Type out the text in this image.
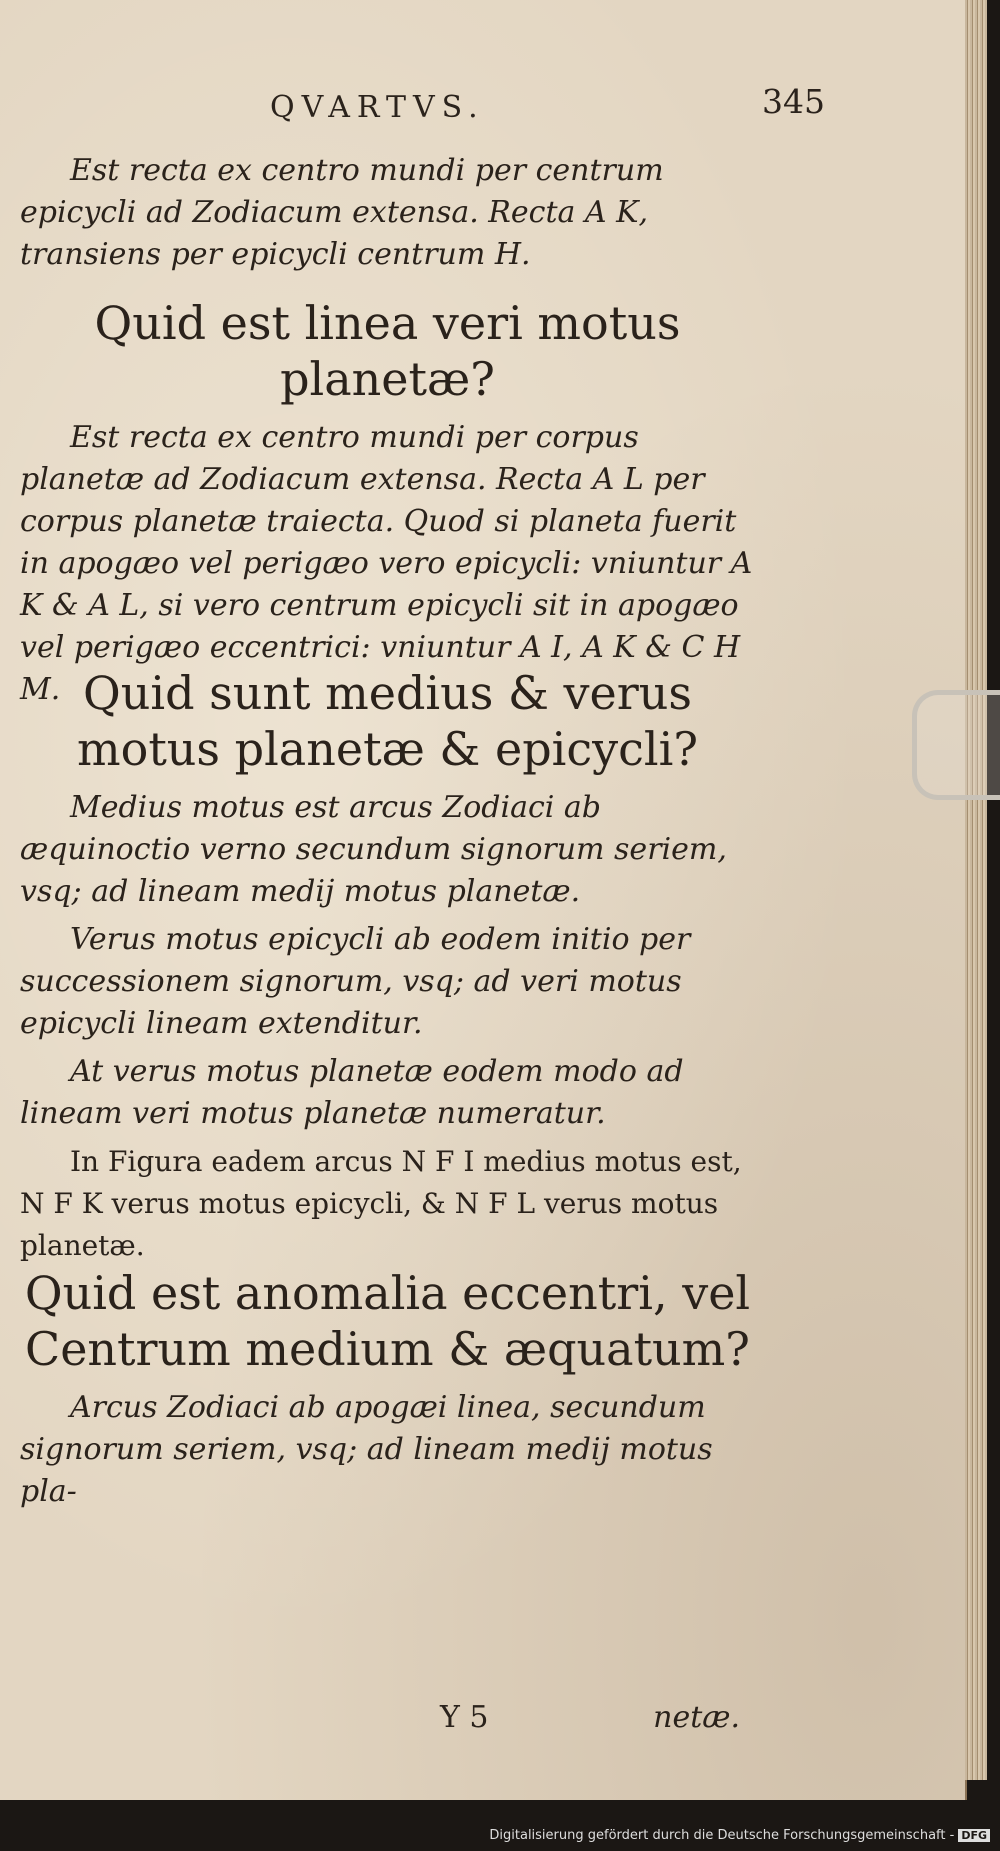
QVARTVS.	345

Est recta ex centro mundi per centrum epicycli ad Zodiacum extensa. Recta A K, transiens per epicycli centrum H.

Quid est linea veri motus planetæ?

Est recta ex centro mundi per corpus planetæ ad Zodiacum extensa. Recta A L per corpus planetæ traiecta. Quod si planeta fuerit in apogæo vel perigæo vero epicycli: vniuntur A K & A L, si vero centrum epicycli sit in apogæo vel perigæo eccentrici: vniuntur A I, A K & C H M. Quid sunt medius & verus motus planetæ & epicycli?

Medius motus est arcus Zodiaci ab æquinoctio verno secundum signorum seriem, vsq; ad lineam medij motus planetæ.

Verus motus epicycli ab eodem initio per successionem signorum, vsq; ad veri motus epicycli lineam extenditur.

At verus motus planetæ eodem modo ad lineam veri motus planetæ numeratur.

In Figura eadem arcus N F I medius motus est, N F K verus motus epicycli, & N F L verus motus planetæ.

Quid est anomalia eccentri, vel Centrum medium & æquatum?

Arcus Zodiaci ab apogæi linea, secundum signorum seriem, vsq; ad lineam medij motus pla-

Y 5	netæ.
Digitalisierung gefördert durch die Deutsche Forschungsgemeinschaft - DFG
